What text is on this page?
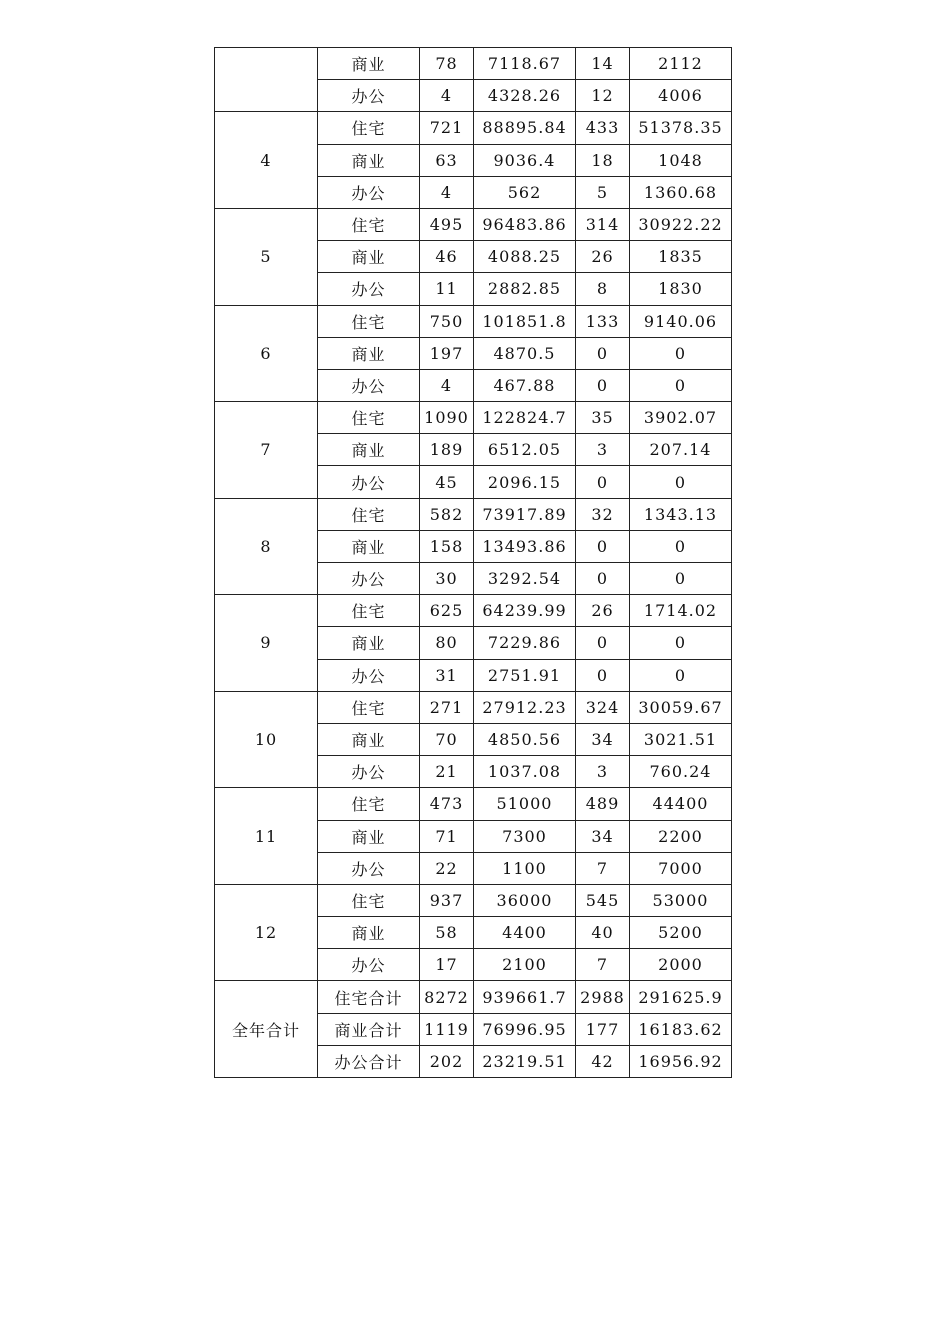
	商业	78	7118.67	14	2112
	办公	4	4328.26	12	4006
4	住宅	721	88895.84	433	51378.35
	商业	63	9036.4	18	1048
	办公	4	562	5	1360.68
5	住宅	495	96483.86	314	30922.22
	商业	46	4088.25	26	1835
	办公	11	2882.85	8	1830
6	住宅	750	101851.8	133	9140.06
	商业	197	4870.5	0	0
	办公	4	467.88	0	0
7	住宅	1090	122824.7	35	3902.07
	商业	189	6512.05	3	207.14
	办公	45	2096.15	0	0
8	住宅	582	73917.89	32	1343.13
	商业	158	13493.86	0	0
	办公	30	3292.54	0	0
9	住宅	625	64239.99	26	1714.02
	商业	80	7229.86	0	0
	办公	31	2751.91	0	0
10	住宅	271	27912.23	324	30059.67
	商业	70	4850.56	34	3021.51
	办公	21	1037.08	3	760.24
11	住宅	473	51000	489	44400
	商业	71	7300	34	2200
	办公	22	1100	7	7000
12	住宅	937	36000	545	53000
	商业	58	4400	40	5200
	办公	17	2100	7	2000
全年合计	住宅合计	8272	939661.7	2988	291625.9
	商业合计	1119	76996.95	177	16183.62
	办公合计	202	23219.51	42	16956.92
